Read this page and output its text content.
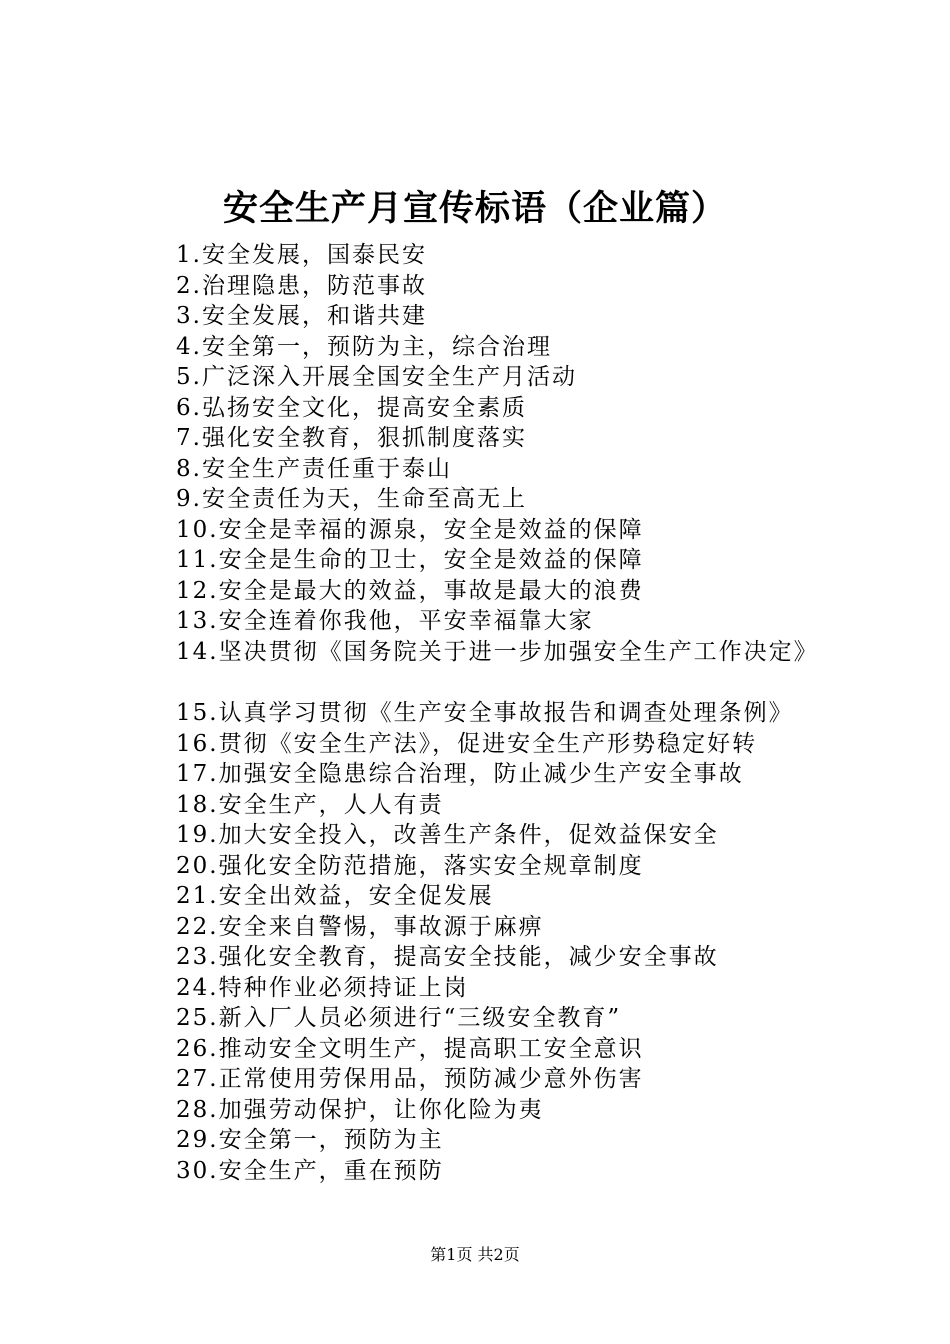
安全生产月宣传标语（企业篇）
1.安全发展，国泰民安
2.治理隐患，防范事故
3.安全发展，和谐共建
4.安全第一，预防为主，综合治理
5.广泛深入开展全国安全生产月活动
6.弘扬安全文化，提高安全素质
7.强化安全教育，狠抓制度落实
8.安全生产责任重于泰山
9.安全责任为天，生命至高无上
10.安全是幸福的源泉，安全是效益的保障
11.安全是生命的卫士，安全是效益的保障
12.安全是最大的效益，事故是最大的浪费
13.安全连着你我他，平安幸福靠大家
14.坚决贯彻《国务院关于进一步加强安全生产工作决定》
15.认真学习贯彻《生产安全事故报告和调查处理条例》
16.贯彻《安全生产法》，促进安全生产形势稳定好转
17.加强安全隐患综合治理，防止减少生产安全事故
18.安全生产，人人有责
19.加大安全投入，改善生产条件，促效益保安全
20.强化安全防范措施，落实安全规章制度
21.安全出效益，安全促发展
22.安全来自警惕，事故源于麻痹
23.强化安全教育，提高安全技能，减少安全事故
24.特种作业必须持证上岗
25.新入厂人员必须进行“三级安全教育”
26.推动安全文明生产，提高职工安全意识
27.正常使用劳保用品，预防减少意外伤害
28.加强劳动保护，让你化险为夷
29.安全第一，预防为主
30.安全生产，重在预防
第1页 共2页
